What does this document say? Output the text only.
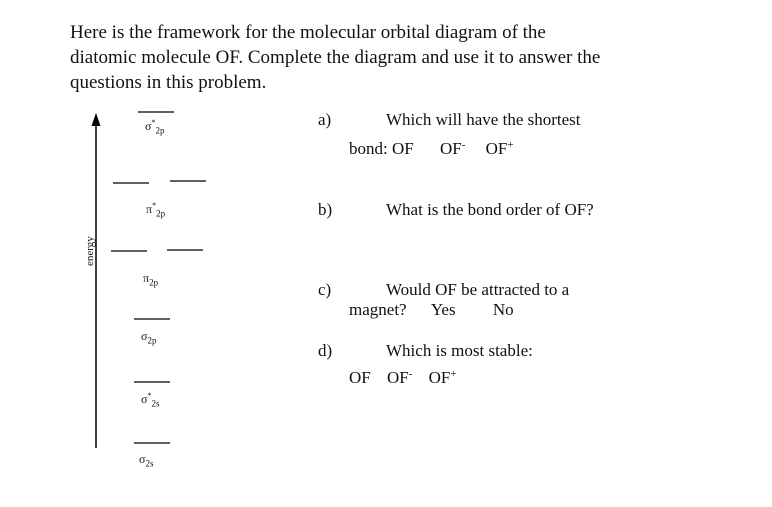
Here is the framework for the molecular orbital diagram of the
diatomic molecule OF. Complete the diagram and use it to answer the
questions in this problem.
energy
$\sigma^*_{2p}$
$\pi^*_{2p}$
$\pi_{2p}$
$\sigma_{2p}$
$\sigma^*_{2s}$
$\sigma_{2s}$
a)	Which will have the shortest
bond: OF OF- OF+
b)	What is the bond order of OF?
c)	Would OF be attracted to a
magnet? Yes No
d)	Which is most stable:
OF OF- OF+
